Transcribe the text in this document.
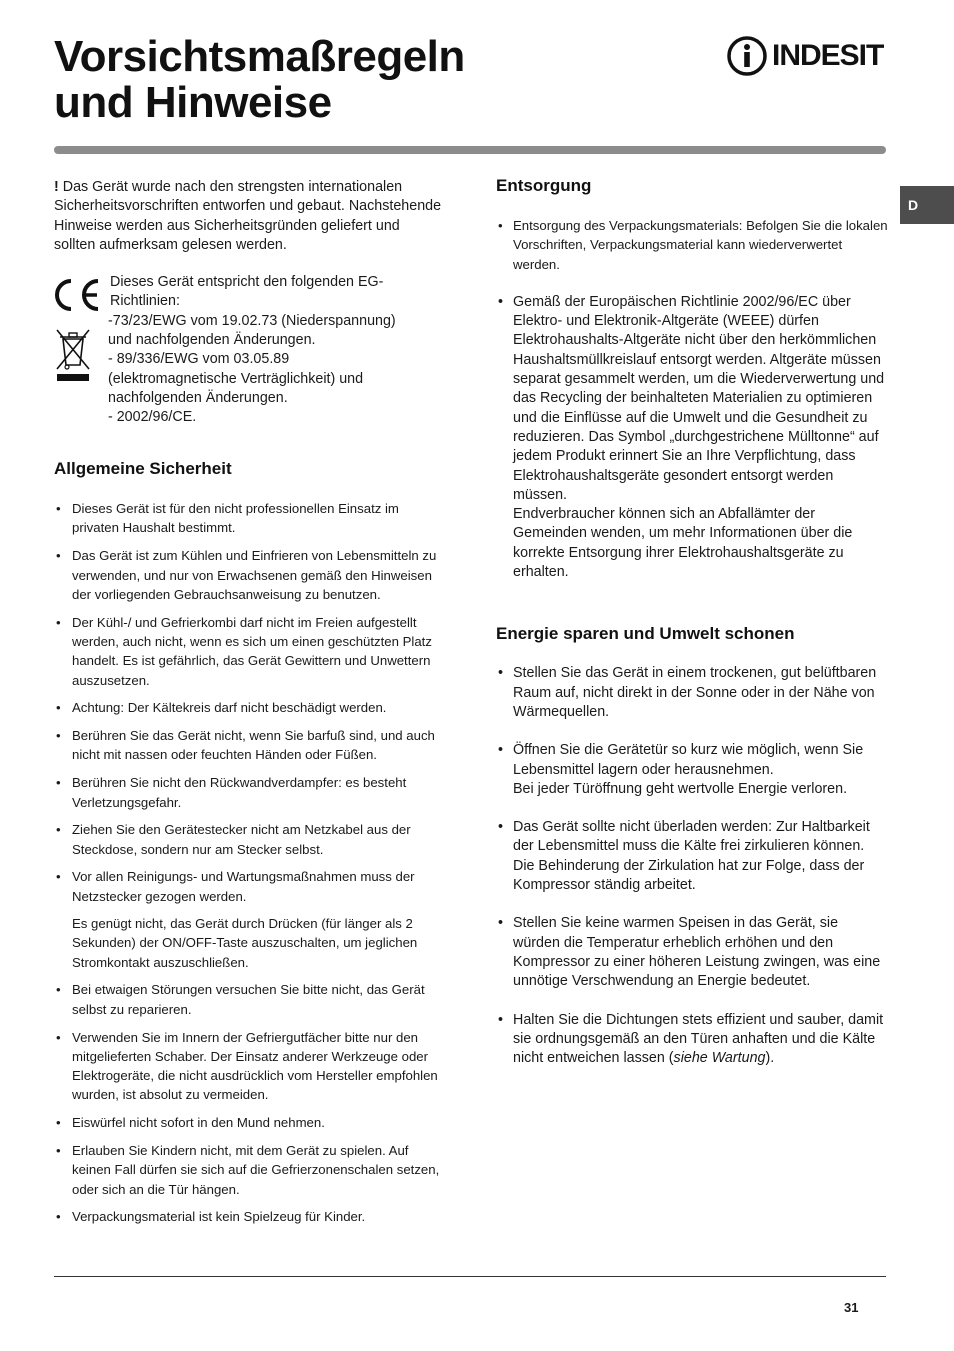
Vorsichtsmaßregeln
und Hinweise
INDESIT
D

! Das Gerät wurde nach den strengsten internationalen Sicherheitsvorschriften entworfen und gebaut. Nachstehende Hinweise werden aus Sicherheitsgründen geliefert und sollten aufmerksam gelesen werden.

Dieses Gerät entspricht den folgenden EG-
Richtlinien:
-73/23/EWG vom 19.02.73 (Niederspannung)
und nachfolgenden Änderungen.
- 89/336/EWG vom 03.05.89
(elektromagnetische Verträglichkeit) und
nachfolgenden Änderungen.
- 2002/96/CE.

Allgemeine Sicherheit
• Dieses Gerät ist für den nicht professionellen Einsatz im privaten Haushalt bestimmt.
• Das Gerät ist zum Kühlen und Einfrieren von Lebensmitteln zu verwenden, und nur von Erwachsenen gemäß den Hinweisen der vorliegenden Gebrauchsanweisung zu benutzen.
• Der Kühl-/ und Gefrierkombi darf nicht im Freien aufgestellt werden, auch nicht, wenn es sich um einen geschützten Platz handelt. Es ist gefährlich, das Gerät Gewittern und Unwettern auszusetzen.
• Achtung: Der Kältekreis darf nicht beschädigt werden.
• Berühren Sie das Gerät nicht, wenn Sie barfuß sind, und auch nicht mit nassen oder feuchten Händen oder Füßen.
• Berühren Sie nicht den Rückwandverdampfer: es besteht Verletzungsgefahr.
• Ziehen Sie den Gerätestecker nicht am Netzkabel aus der Steckdose, sondern nur am Stecker selbst.
• Vor allen Reinigungs- und Wartungsmaßnahmen muss der Netzstecker gezogen werden.
Es genügt nicht, das Gerät durch Drücken (für länger als 2 Sekunden) der ON/OFF-Taste auszuschalten, um jeglichen Stromkontakt auszuschließen.
• Bei etwaigen Störungen versuchen Sie bitte nicht, das Gerät selbst zu reparieren.
• Verwenden Sie im Innern der Gefriergutfächer bitte nur den mitgelieferten Schaber. Der Einsatz anderer Werkzeuge oder Elektrogeräte, die nicht ausdrücklich vom Hersteller empfohlen wurden, ist absolut zu vermeiden.
• Eiswürfel nicht sofort in den Mund nehmen.
• Erlauben Sie Kindern nicht, mit dem Gerät zu spielen. Auf keinen Fall dürfen sie sich auf die Gefrierzonenschalen setzen, oder sich an die Tür hängen.
• Verpackungsmaterial ist kein Spielzeug für Kinder.
Entsorgung
• Entsorgung des Verpackungsmaterials: Befolgen Sie die lokalen Vorschriften, Verpackungsmaterial kann wiederverwertet werden.
• Gemäß der Europäischen Richtlinie 2002/96/EC über Elektro- und Elektronik-Altgeräte (WEEE) dürfen Elektrohaushalts-Altgeräte nicht über den herkömmlichen Haushaltsmüllkreislauf entsorgt werden. Altgeräte müssen separat gesammelt werden, um die Wiederverwertung und das Recycling der beinhalteten Materialien zu optimieren und die Einflüsse auf die Umwelt und die Gesundheit zu reduzieren. Das Symbol „durchgestrichene Mülltonne“ auf jedem Produkt erinnert Sie an Ihre Verpflichtung, dass Elektrohaushaltsgeräte gesondert entsorgt werden müssen.
Endverbraucher können sich an Abfallämter der Gemeinden wenden, um mehr Informationen über die korrekte Entsorgung ihrer Elektrohaushaltsgeräte zu erhalten.
Energie sparen und Umwelt schonen
• Stellen Sie das Gerät in einem trockenen, gut belüftbaren Raum auf, nicht direkt in der Sonne oder in der Nähe von Wärmequellen.
• Öffnen Sie die Gerätetür so kurz wie möglich, wenn Sie Lebensmittel lagern oder herausnehmen.
Bei jeder Türöffnung geht wertvolle Energie verloren.
• Das Gerät sollte nicht überladen werden: Zur Haltbarkeit der Lebensmittel muss die Kälte frei zirkulieren können. Die Behinderung der Zirkulation hat zur Folge, dass der Kompressor ständig arbeitet.
• Stellen Sie keine warmen Speisen in das Gerät, sie würden die Temperatur erheblich erhöhen und den Kompressor zu einer höheren Leistung zwingen, was eine unnötige Verschwendung an Energie bedeutet.
• Halten Sie die Dichtungen stets effizient und sauber, damit sie ordnungsgemäß an den Türen anhaften und die Kälte nicht entweichen lassen (siehe Wartung).
31
